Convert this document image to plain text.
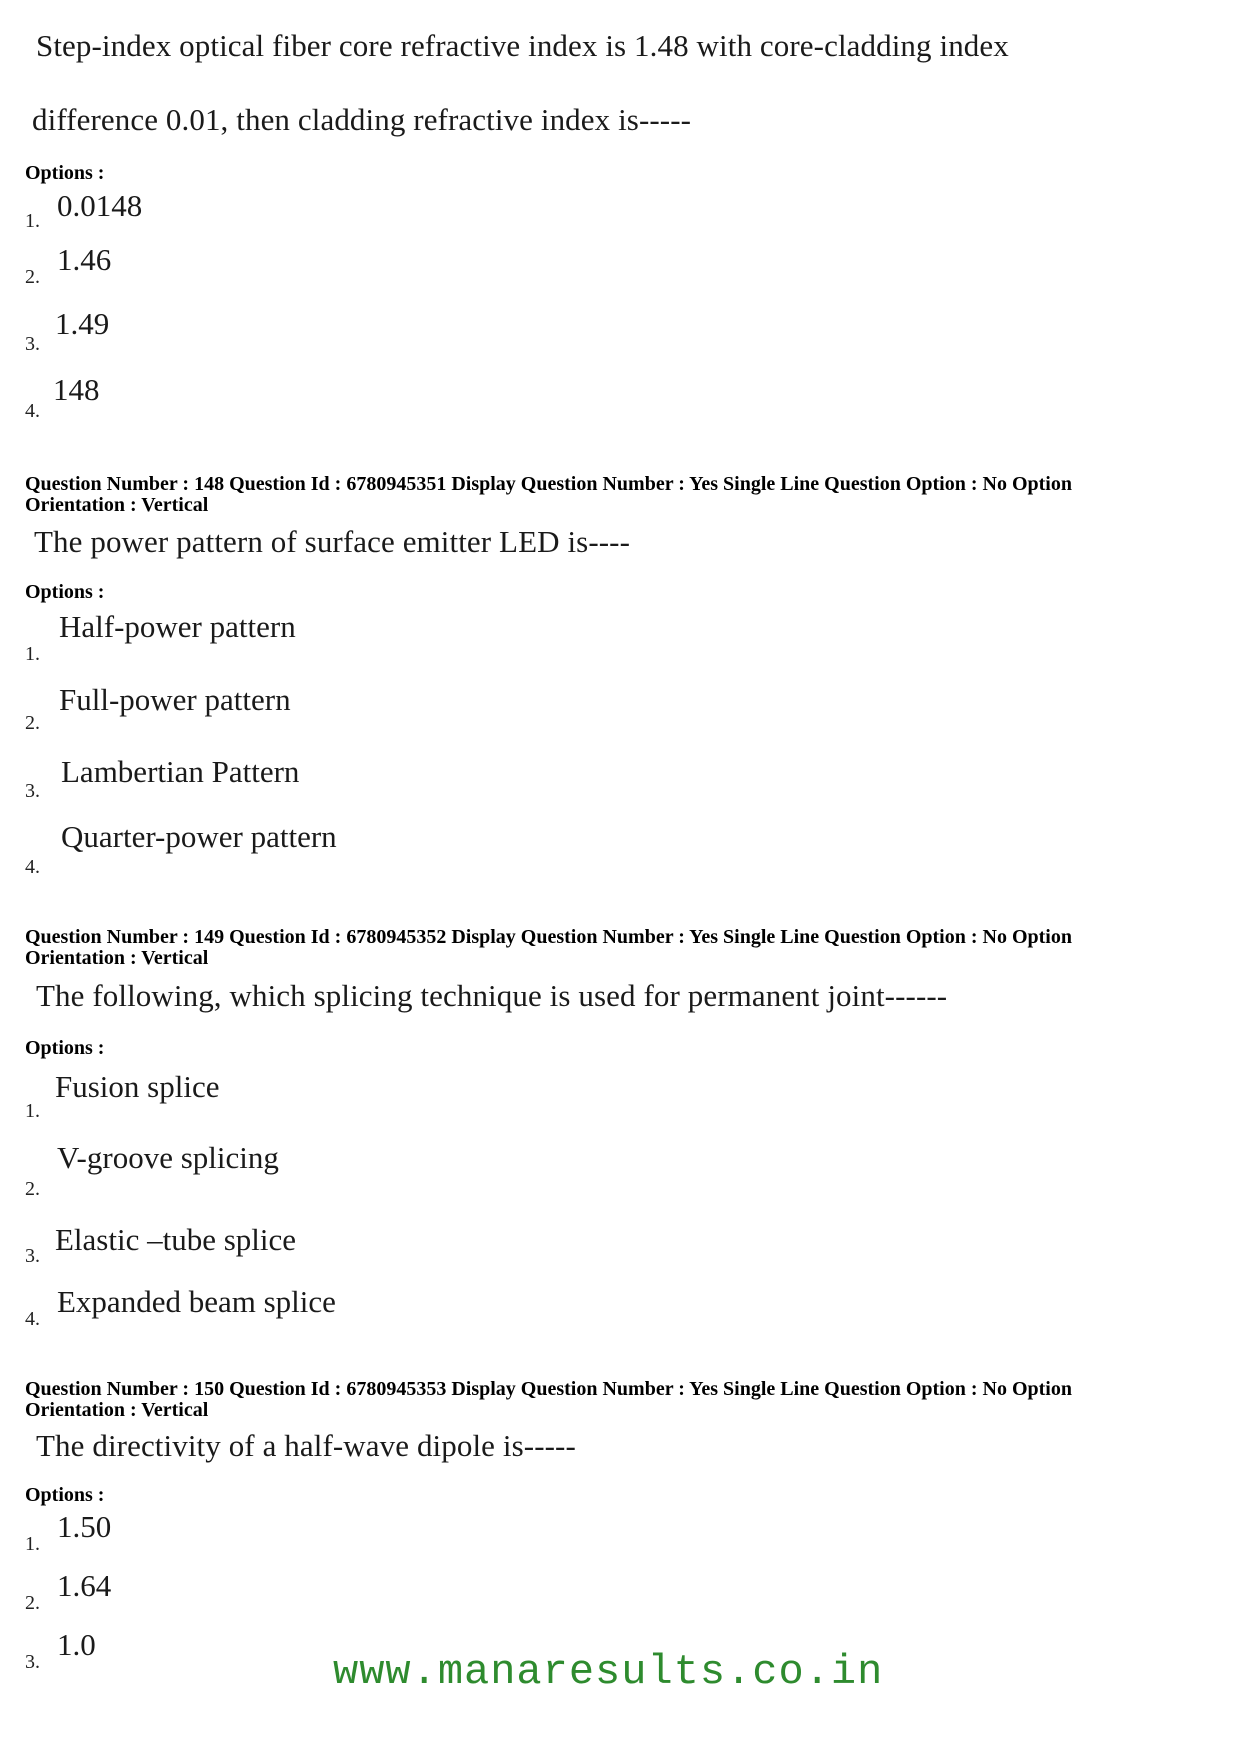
Step-index optical fiber core refractive index is 1.48 with core-cladding index
difference 0.01, then cladding refractive index is-----
Options :
1. 0.0148
2. 1.46
3.
1.49
4.
148
Question Number : 148 Question Id : 6780945351 Display Question Number : Yes Single Line Question Option : No Option
Orientation : Vertical
The power pattern of surface emitter LED is----
Options :
1.
Half-power pattern
2.
Full-power pattern
3.
Lambertian Pattern
4.
Quarter-power pattern
Question Number : 149 Question Id : 6780945352 Display Question Number : Yes Single Line Question Option : No Option
Orientation : Vertical
The following, which splicing technique is used for permanent joint------
Options :
1.
Fusion splice
2.
V-groove splicing
3. Elastic –tube splice
4. Expanded beam splice
Question Number : 150 Question Id : 6780945353 Display Question Number : Yes Single Line Question Option : No Option
Orientation : Vertical
The directivity of a half-wave dipole is-----
Options :
1. 1.50
2. 1.64
3. 1.0
www.manaresults.co.in
